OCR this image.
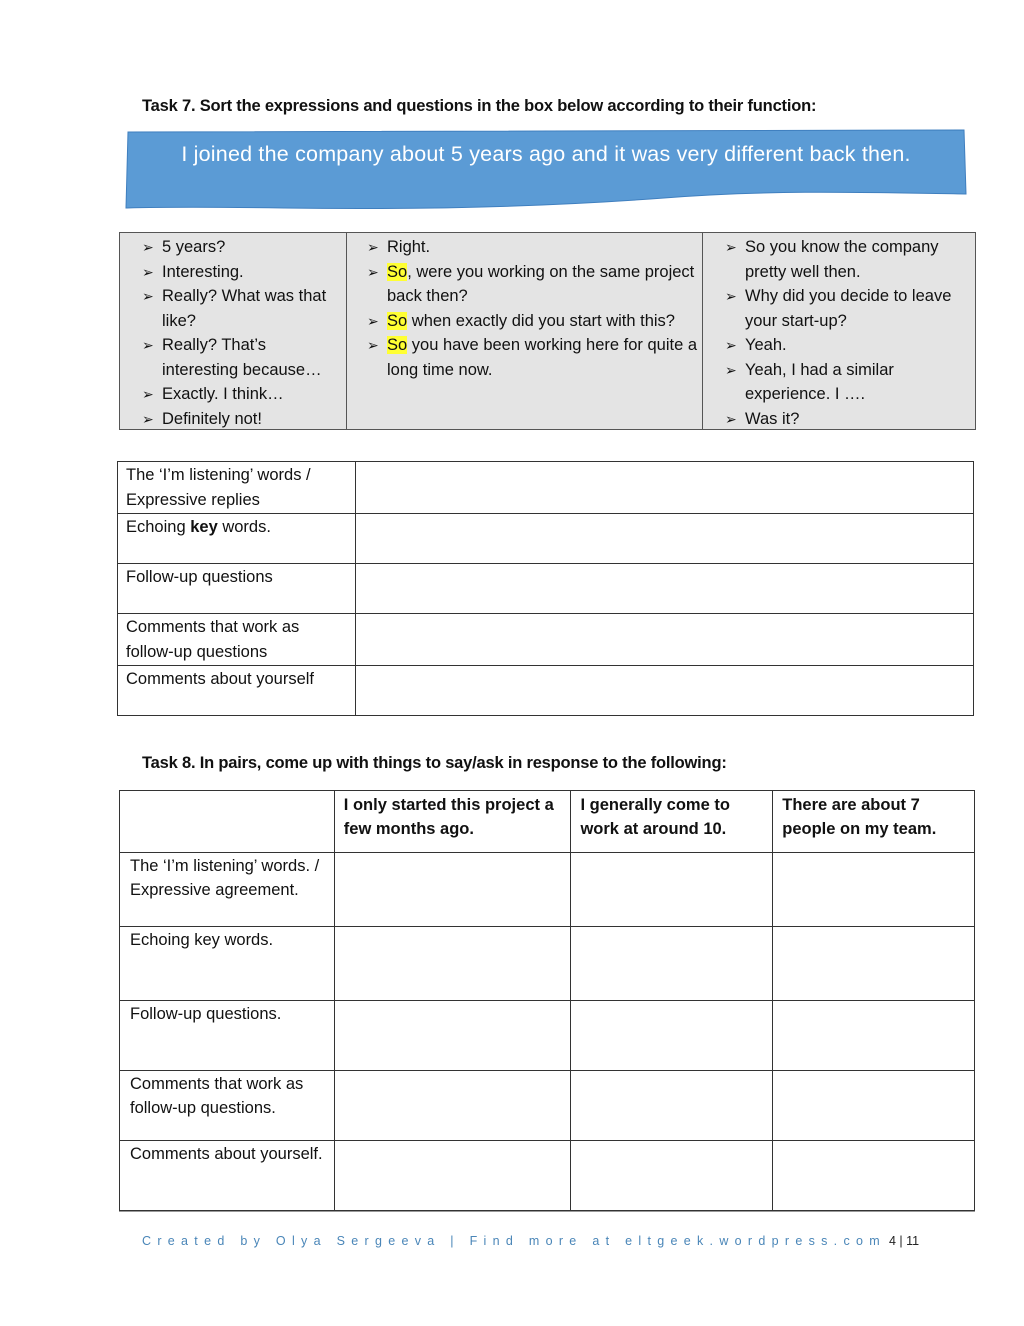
Task 7. Sort the expressions and questions in the box below according to their function:
I joined the company about 5 years ago and it was very different back then.
➢ 5 years?
➢ Interesting.
➢ Really? What was that like?
➢ Really? That’s interesting because…
➢ Exactly. I think…
➢ Definitely not!
➢ Right.
➢ So, were you working on the same project back then?
➢ So when exactly did you start with this?
➢ So you have been working here for quite a long time now.
➢ So you know the company pretty well then.
➢ Why did you decide to leave your start-up?
➢ Yeah.
➢ Yeah, I had a similar experience. I ….
➢ Was it?
The ‘I’m listening’ words / Expressive replies	
Echoing key words.	
Follow-up questions	
Comments that work as follow-up questions	
Comments about yourself	
Task 8. In pairs, come up with things to say/ask in response to the following:
	I only started this project a few months ago.	I generally come to work at around 10.	There are about 7 people on my team.
The ‘I’m listening’ words. / Expressive agreement.			
Echoing key words.			
Follow-up questions.			
Comments that work as follow-up questions.			
Comments about yourself.			
Created by Olya Sergeeva | Find more at eltgeek.wordpress.com 4 | 11
